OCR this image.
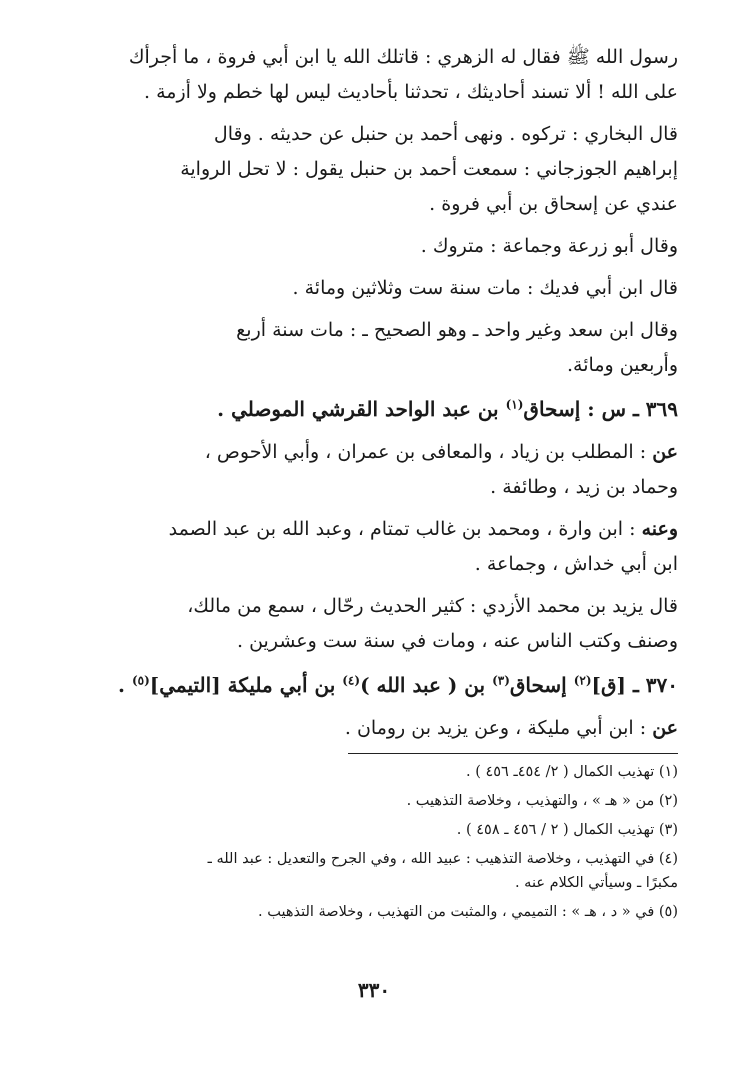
رسول الله ﷺ فقال له الزهري : قاتلك الله يا ابن أبي فروة ، ما أجرأك
على الله ! ألا تسند أحاديثك ، تحدثنا بأحاديث ليس لها خطم ولا أزمة .
قال البخاري : تركوه . ونهى أحمد بن حنبل عن حديثه . وقال
إبراهيم الجوزجاني : سمعت أحمد بن حنبل يقول : لا تحل الرواية
عندي عن إسحاق بن أبي فروة .
وقال أبو زرعة وجماعة : متروك .
قال ابن أبي فديك : مات سنة ست وثلاثين ومائة .
وقال ابن سعد وغير واحد ـ وهو الصحيح ـ : مات سنة أربع
وأربعين ومائة.
٣٦٩ ـ س : إسحاق$^{(١)}$ بن عبد الواحد القرشي الموصلي .
عن : المطلب بن زياد ، والمعافى بن عمران ، وأبي الأحوص ،
وحماد بن زيد ، وطائفة .
وعنه : ابن وارة ، ومحمد بن غالب تمتام ، وعبد الله بن عبد الصمد
ابن أبي خداش ، وجماعة .
قال يزيد بن محمد الأزدي : كثير الحديث رحّال ، سمع من مالك،
وصنف وكتب الناس عنه ، ومات في سنة ست وعشرين .
٣٧٠ ـ [ق]$^{(٢)}$ إسحاق$^{(٣)}$ بن ( عبد الله )$^{(٤)}$ بن أبي مليكة [التيمي]$^{(٥)}$ .
عن : ابن أبي مليكة ، وعن يزيد بن رومان .
(١) تهذيب الكمال ( ٢/ ٤٥٤ـ ٤٥٦ ) .
(٢) من « هـ » ، والتهذيب ، وخلاصة التذهيب .
(٣) تهذيب الكمال ( ٢ / ٤٥٦ ـ ٤٥٨ ) .
(٤) في التهذيب ، وخلاصة التذهيب : عبيد الله ، وفي الجرح والتعديل : عبد الله ـ
مكبرًا ـ وسيأتي الكلام عنه .
(٥) في « د ، هـ » : التميمي ، والمثبت من التهذيب ، وخلاصة التذهيب .
٣٣٠
